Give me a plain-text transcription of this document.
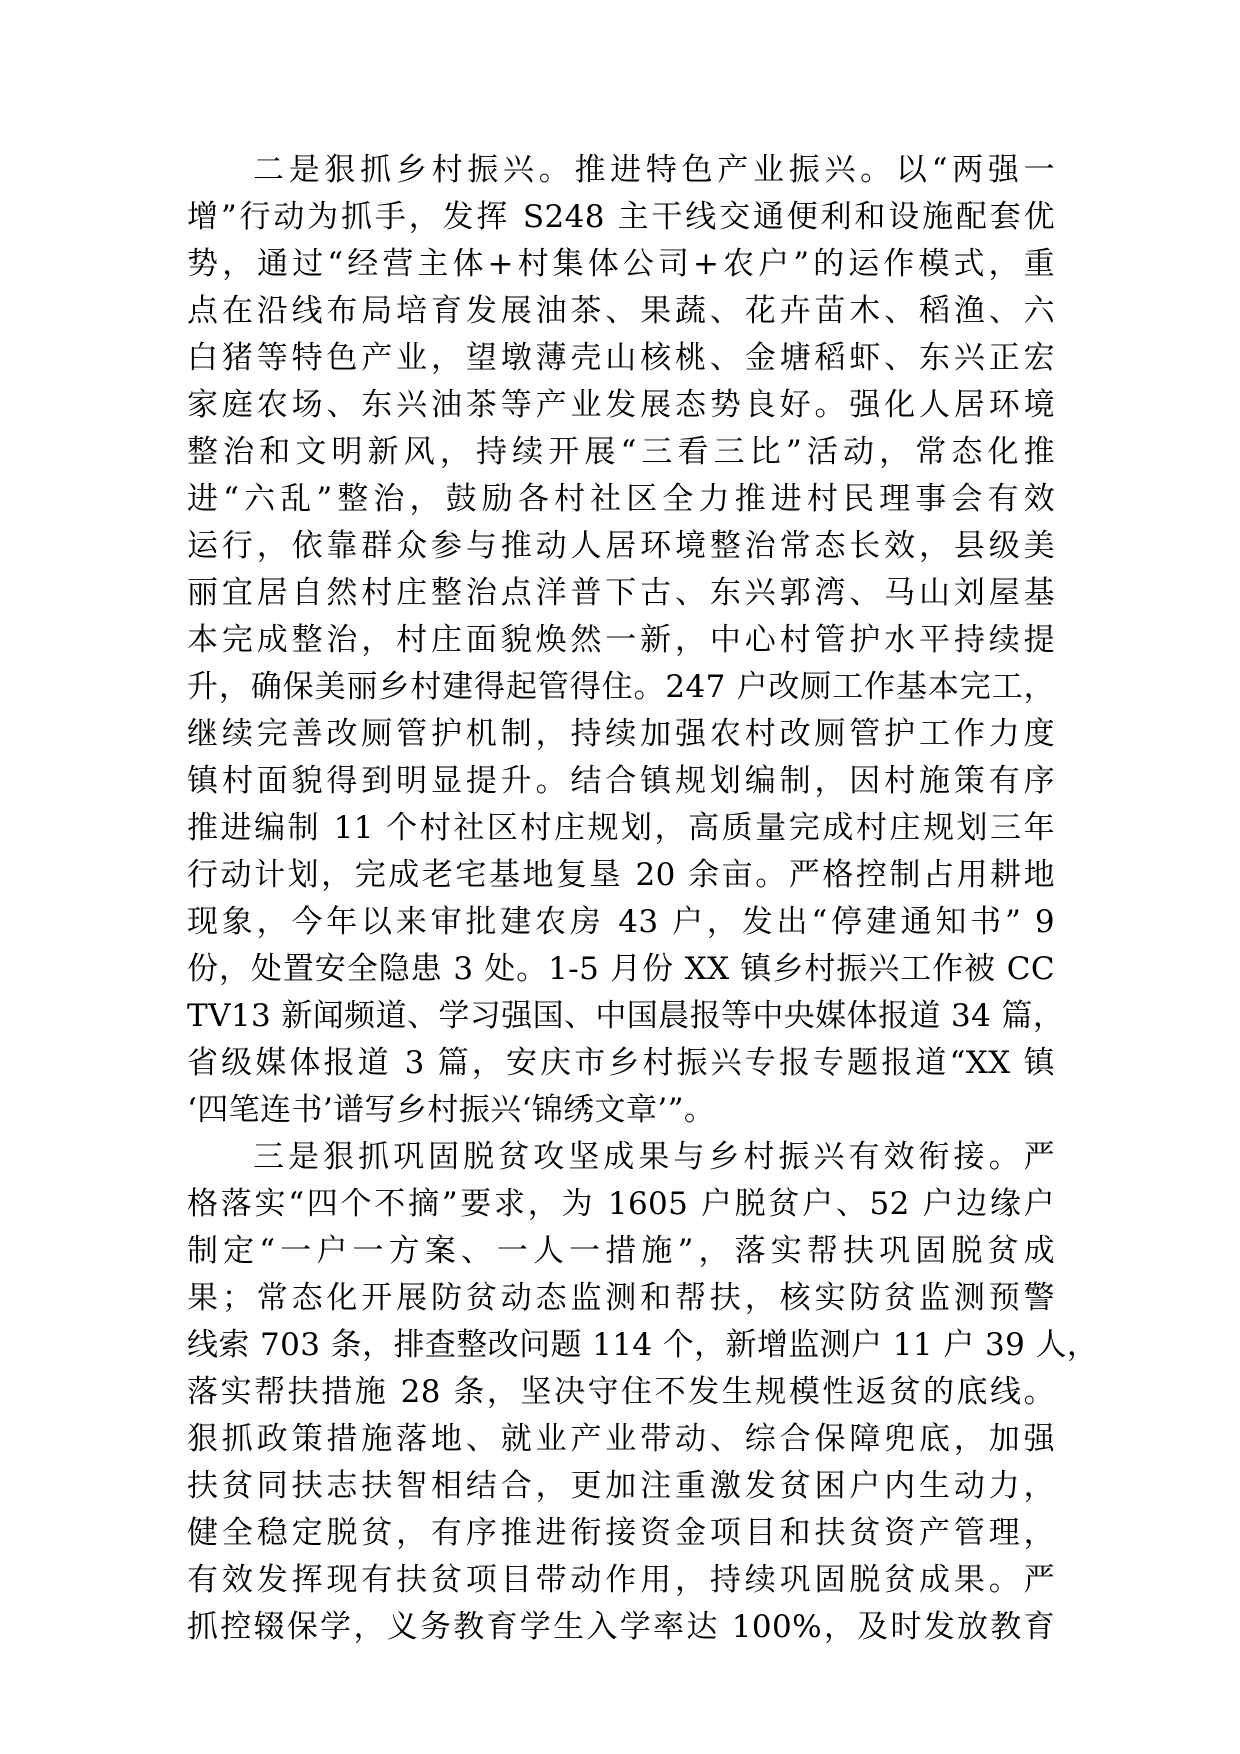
二是狠抓乡村振兴。推进特色产业振兴。以“两强一
增”行动为抓手，发挥 S248 主干线交通便利和设施配套优
势，通过“经营主体+村集体公司+农户”的运作模式，重
点在沿线布局培育发展油茶、果蔬、花卉苗木、稻渔、六
白猪等特色产业，望墩薄壳山核桃、金塘稻虾、东兴正宏
家庭农场、东兴油茶等产业发展态势良好。强化人居环境
整治和文明新风，持续开展“三看三比”活动，常态化推
进“六乱”整治，鼓励各村社区全力推进村民理事会有效
运行，依靠群众参与推动人居环境整治常态长效，县级美
丽宜居自然村庄整治点洋普下古、东兴郭湾、马山刘屋基
本完成整治，村庄面貌焕然一新，中心村管护水平持续提
升，确保美丽乡村建得起管得住。247 户改厕工作基本完工，
继续完善改厕管护机制，持续加强农村改厕管护工作力度
镇村面貌得到明显提升。结合镇规划编制，因村施策有序
推进编制 11 个村社区村庄规划，高质量完成村庄规划三年
行动计划，完成老宅基地复垦 20 余亩。严格控制占用耕地
现象，今年以来审批建农房 43 户，发出“停建通知书” 9
份，处置安全隐患 3 处。1-5 月份 XX 镇乡村振兴工作被 CC
TV13 新闻频道、学习强国、中国晨报等中央媒体报道 34 篇，
省级媒体报道 3 篇，安庆市乡村振兴专报专题报道“XX 镇
‘四笔连书’谱写乡村振兴‘锦绣文章’”。
三是狠抓巩固脱贫攻坚成果与乡村振兴有效衔接。严
格落实“四个不摘”要求，为 1605 户脱贫户、52 户边缘户
制定“一户一方案、一人一措施”，落实帮扶巩固脱贫成
果；常态化开展防贫动态监测和帮扶，核实防贫监测预警
线索 703 条，排查整改问题 114 个，新增监测户 11 户 39 人，
落实帮扶措施 28 条，坚决守住不发生规模性返贫的底线。
狠抓政策措施落地、就业产业带动、综合保障兜底，加强
扶贫同扶志扶智相结合，更加注重激发贫困户内生动力，
健全稳定脱贫，有序推进衔接资金项目和扶贫资产管理，
有效发挥现有扶贫项目带动作用，持续巩固脱贫成果。严
抓控辍保学，义务教育学生入学率达 100%，及时发放教育
